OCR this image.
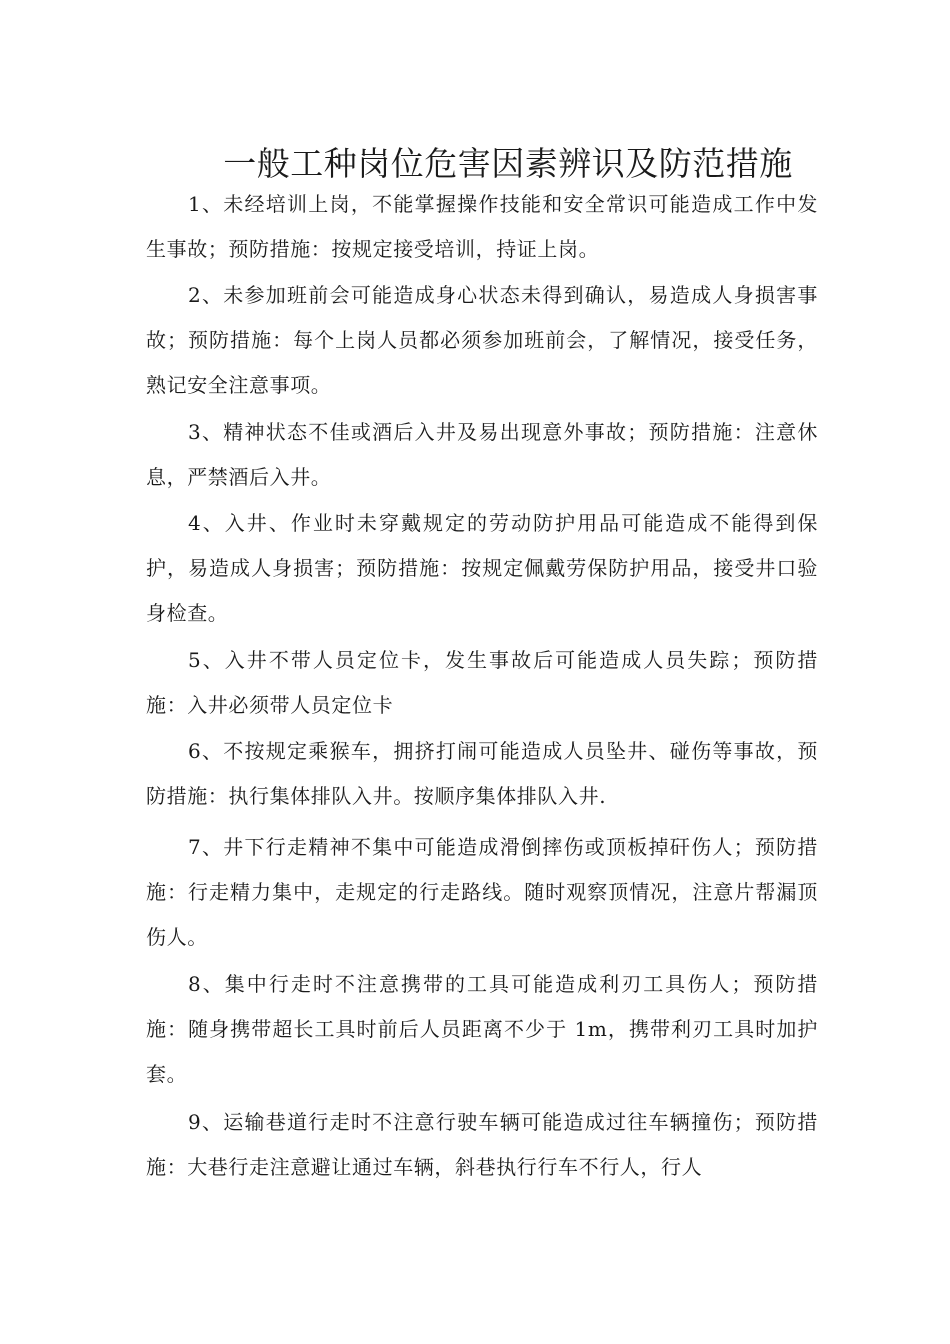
一般工种岗位危害因素辨识及防范措施

1、未经培训上岗，不能掌握操作技能和安全常识可能造成工作中发生事故；预防措施：按规定接受培训，持证上岗。

2、未参加班前会可能造成身心状态未得到确认，易造成人身损害事故；预防措施：每个上岗人员都必须参加班前会，了解情况，接受任务，熟记安全注意事项。

3、精神状态不佳或酒后入井及易出现意外事故；预防措施：注意休息，严禁酒后入井。

4、入井、作业时未穿戴规定的劳动防护用品可能造成不能得到保护，易造成人身损害；预防措施：按规定佩戴劳保防护用品，接受井口验身检查。

5、入井不带人员定位卡，发生事故后可能造成人员失踪；预防措施：入井必须带人员定位卡

6、不按规定乘猴车，拥挤打闹可能造成人员坠井、碰伤等事故，预防措施：执行集体排队入井。按顺序集体排队入井.

7、井下行走精神不集中可能造成滑倒摔伤或顶板掉矸伤人；预防措施：行走精力集中，走规定的行走路线。随时观察顶情况，注意片帮漏顶伤人。

8、集中行走时不注意携带的工具可能造成利刃工具伤人；预防措施：随身携带超长工具时前后人员距离不少于 1m，携带利刃工具时加护套。

9、运输巷道行走时不注意行驶车辆可能造成过往车辆撞伤；预防措施：大巷行走注意避让通过车辆，斜巷执行行车不行人，行人
